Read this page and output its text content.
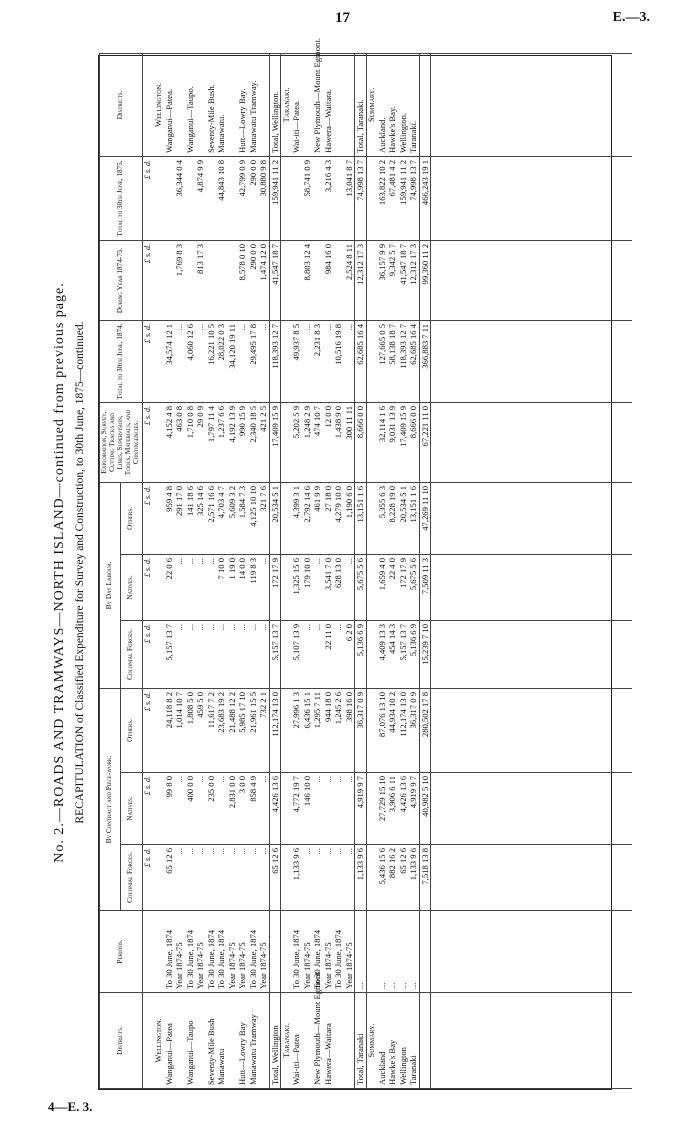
17	E.—3.
4—E. 3.
No. 2.—ROADS AND TRAMWAYS—NORTH ISLAND—continued from previous page. RECAPITULATION of Classified Expenditure for Survey and Construction, to 30th June, 1875—continued.
Districts.	Periods.	By Contract and Piece-work.			By Day Labour.			Exploration, Survey, Cutting Tracks and Lines, Supervision, Tools, Materials, and Contingencies.	Total to 30th June, 1874.	During Year 1874-75.	Total to 30th June, 1875.	Districts.
		Colonial Forces.	Natives.	Others.	Colonial Forces.	Natives.	Others.					
		£ s. d.	£ s. d.	£ s. d.	£ s. d.	£ s. d.	£ s. d.	£ s. d.	£ s. d.	£ s. d.	£ s. d.	

Wellington.												Wellington.
Wanganui—Patea	To 30 June, 1874	65 12 6	99 8 0	24,118 8 2	5,157 13 7	22 0 6	959 4 8	4,152 4 8	34,574 12 1			Wanganui—Patea.
	Year 1874-75	...	...	1,014 10 7	...	...	291 17 0	463 0 8	...	1,769 8 3	36,344 0 4	
Wanganui—Taupo	To 30 June, 1874	...	400 0 0	1,808 5 0	...	...	141 18 6	1,710 0 8	4,060 12 6			Wanganui—Taupo.
	Year 1874-75	...	...	459 5 0	...	...	325 14 6	29 0 9	...	813 17 3	4,874 9 9	
Seventy-Mile Bush	To 30 June, 1874	...	235 0 0	11,617 7 2	...	...	2,571 16 6	1,797 11 4	16,221 10 5			Seventy-Mile Bush.
Manawatu	To 30 June, 1874	...	...	23,683 19 2	...	7 10 0	4,703 4 7	1,237 6 6	28,022 0 3		44,843 10 8	Manawatu.
	Year 1874-75	...	2,831 0 0	21,488 12 2	...	1 19 0	5,609 3 2	4,192 13 9	34,120 19 11			
Hutt—Lowry Bay	Year 1874-75	...	3 0 0	5,985 17 10	...	14 0 0	1,584 7 3	990 15 9	...	8,578 0 10	42,799 0 9	Hutt—Lowry Bay.
Manawatu Tramway	To 30 June, 1874	...	858 4 9	21,961 15 5	...	119 8 3	4,125 10 10	2,340 18 5	29,495 17 8	290 0 0	290 0 0	Manawatu Tramway.
	Year 1874-75	...	...	732 2 1	...	...	321 7 6	421 2 5	...	1,474 12 0	30,880 9 8	
Total, Wellington		65 12 6	4,426 13 6	112,174 13 0	5,157 13 7	172 17 9	20,534 5 1	17,409 15 9	118,393 12 7	41,547 18 7	159,941 11 2	Total, Wellington.

Taranaki.												Taranaki.
Wai-iti—Patea	To 30 June, 1874	1,133 9 6	4,772 19 7	27,996 1 3	5,107 13 9	1,325 15 6	4,399 3 1	5,202 5 9	49,937 8 5			Wai-iti—Patea.
	Year 1874-75	...	146 10 0	6,436 15 1	...	179 10 0	2,792 14 6	1,248 2 9	...	8,803 12 4	58,741 0 9	
New Plymouth—Mount Egmont	To 30 June, 1874	...	...	1,295 7 11	...	...	461 9 9	474 10 7	2,231 8 3			New Plymouth—Mount Egmont.
Hawera—Waitara	Year 1874-75	...	...	944 18 0	22 11 0	3,541 7 0	27 18 0	12 0 0	...	984 16 0	3,216 4 3	Hawera—Waitara.
	To 30 June, 1874	...	...	1,245 2 6	...	628 13 0	4,279 10 0	1,438 9 0	10,516 19 8			
	Year 1874-75	...	...	398 16 0	6 2 0	...	1,190 6 0	300 11 11	...	2,524 8 11	13,041 8 7	
Total, Taranaki	...	1,133 9 6	4,919 9 7	36,317 0 9	5,136 6 9	5,675 5 6	13,151 1 6	8,666 0 0	62,685 16 4	12,312 17 3	74,998 13 7	Total, Taranaki.

Summary.												Summary.
Auckland	...	5,436 15 6	27,729 15 10	87,076 13 10	4,409 13 3	1,659 4 0	5,355 6 3	32,114 1 6	127,665 0 5	36,157 9 9	163,822 10 2	Auckland.
Hawke's Bay	...	882 16 2	3,906 6 11	44,934 10 2	454 14 3	22 4 0	8,228 19 0	9,031 13 9	58,138 18 7	9,342 5 7	67,481 4 2	Hawke's Bay.
Wellington	...	65 12 6	4,426 13 6	112,174 13 0	5,157 13 7	172 17 9	20,534 5 1	17,409 15 9	118,393 12 7	41,547 18 7	159,941 11 2	Wellington.
Taranaki	...	1,133 9 6	4,919 9 7	36,317 0 9	5,136 6 9	5,675 5 6	13,151 1 6	8,666 0 0	62,685 16 4	12,312 17 3	74,998 13 7	Taranaki.
		7,518 13 8	40,982 5 10	280,502 17 8	15,239 7 10	7,509 11 3	47,269 11 10	67,221 11 0	366,883 7 11	99,360 11 2	466,243 19 1	
